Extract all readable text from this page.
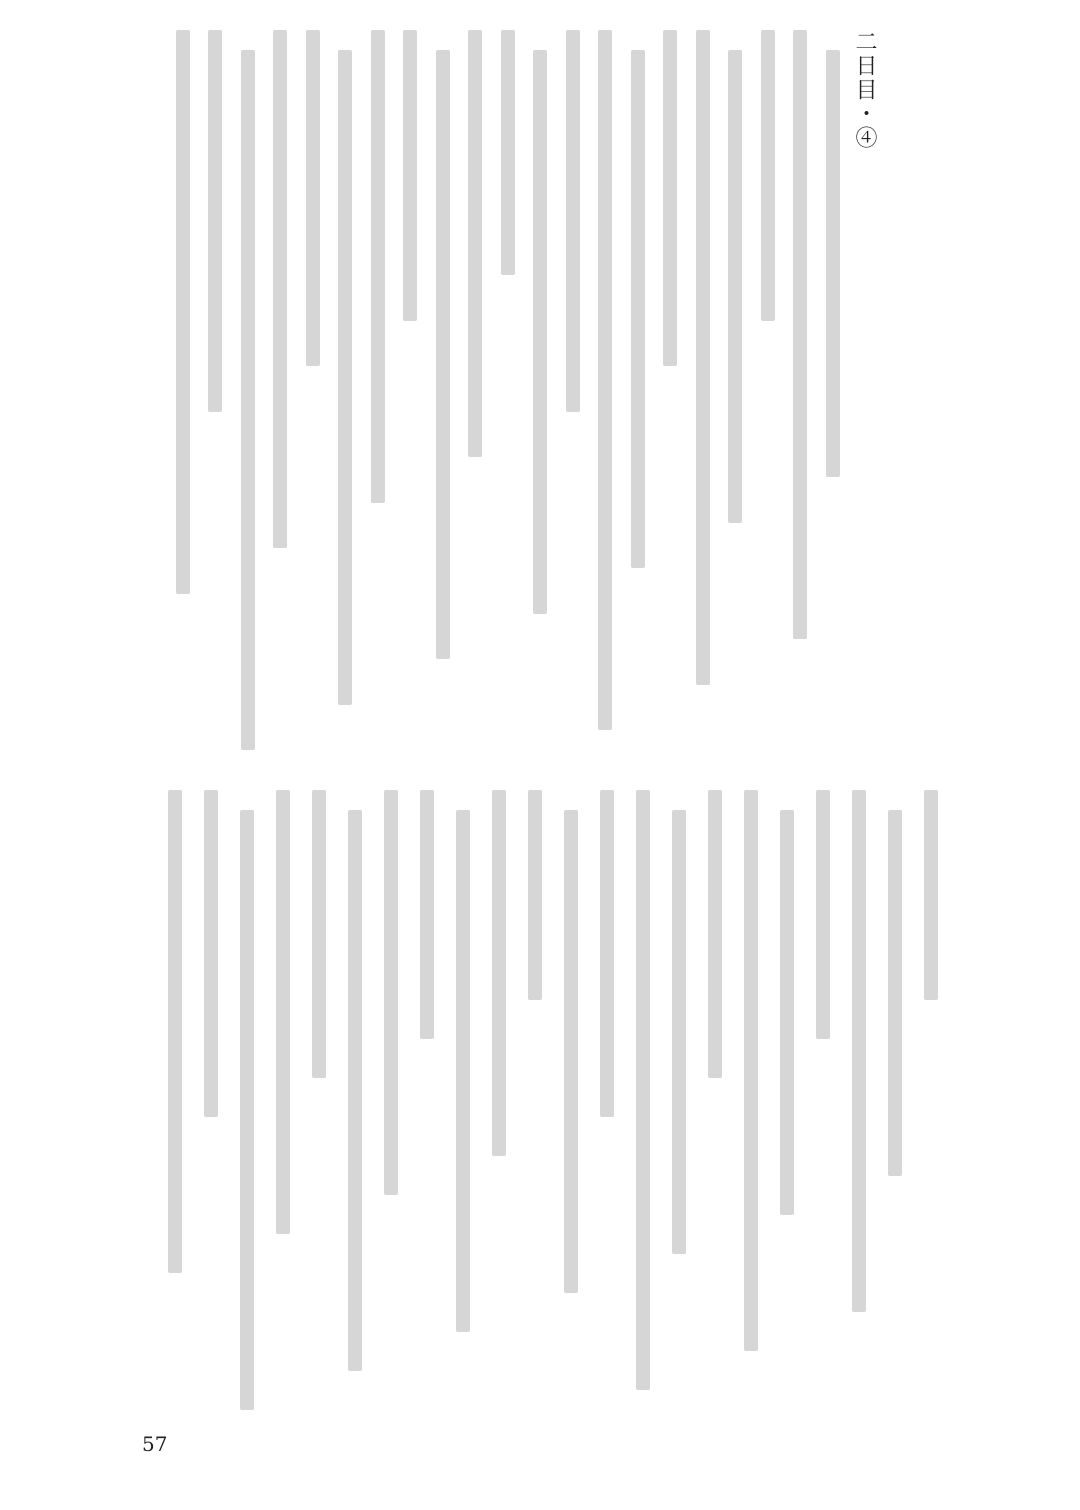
二日目・④
57
